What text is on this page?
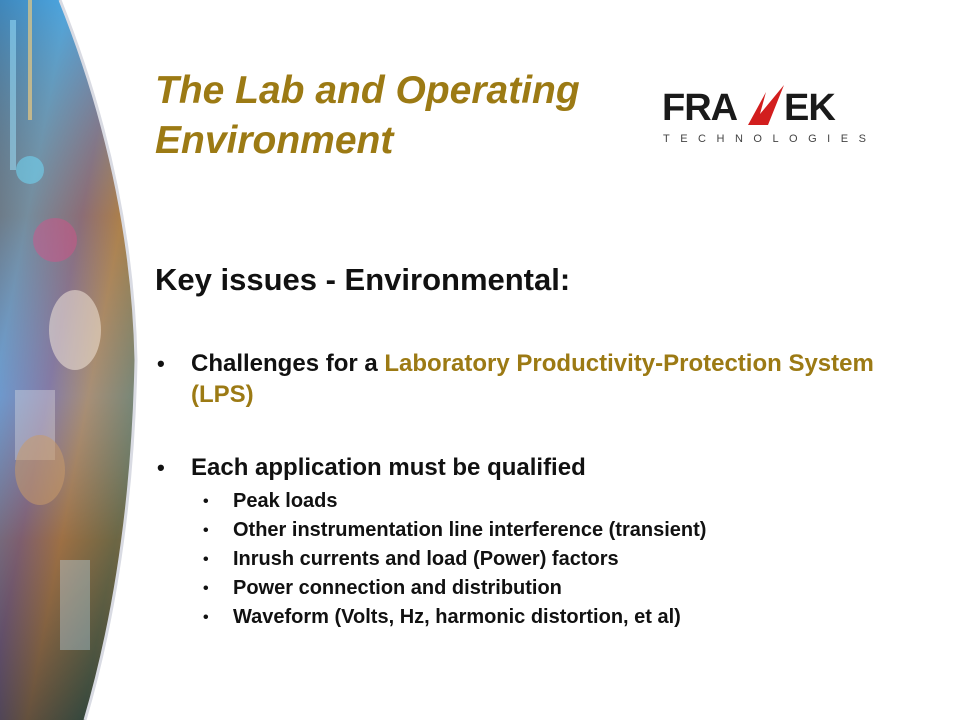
The Lab and Operating Environment
FRA EK
TECHNOLOGIES
Key issues - Environmental:
• Challenges for a Laboratory Productivity-Protection System (LPS)
• Each application must be qualified
• Peak loads
• Other instrumentation line interference (transient)
• Inrush currents and load (Power) factors
• Power connection and distribution
• Waveform (Volts, Hz, harmonic distortion, et al)
